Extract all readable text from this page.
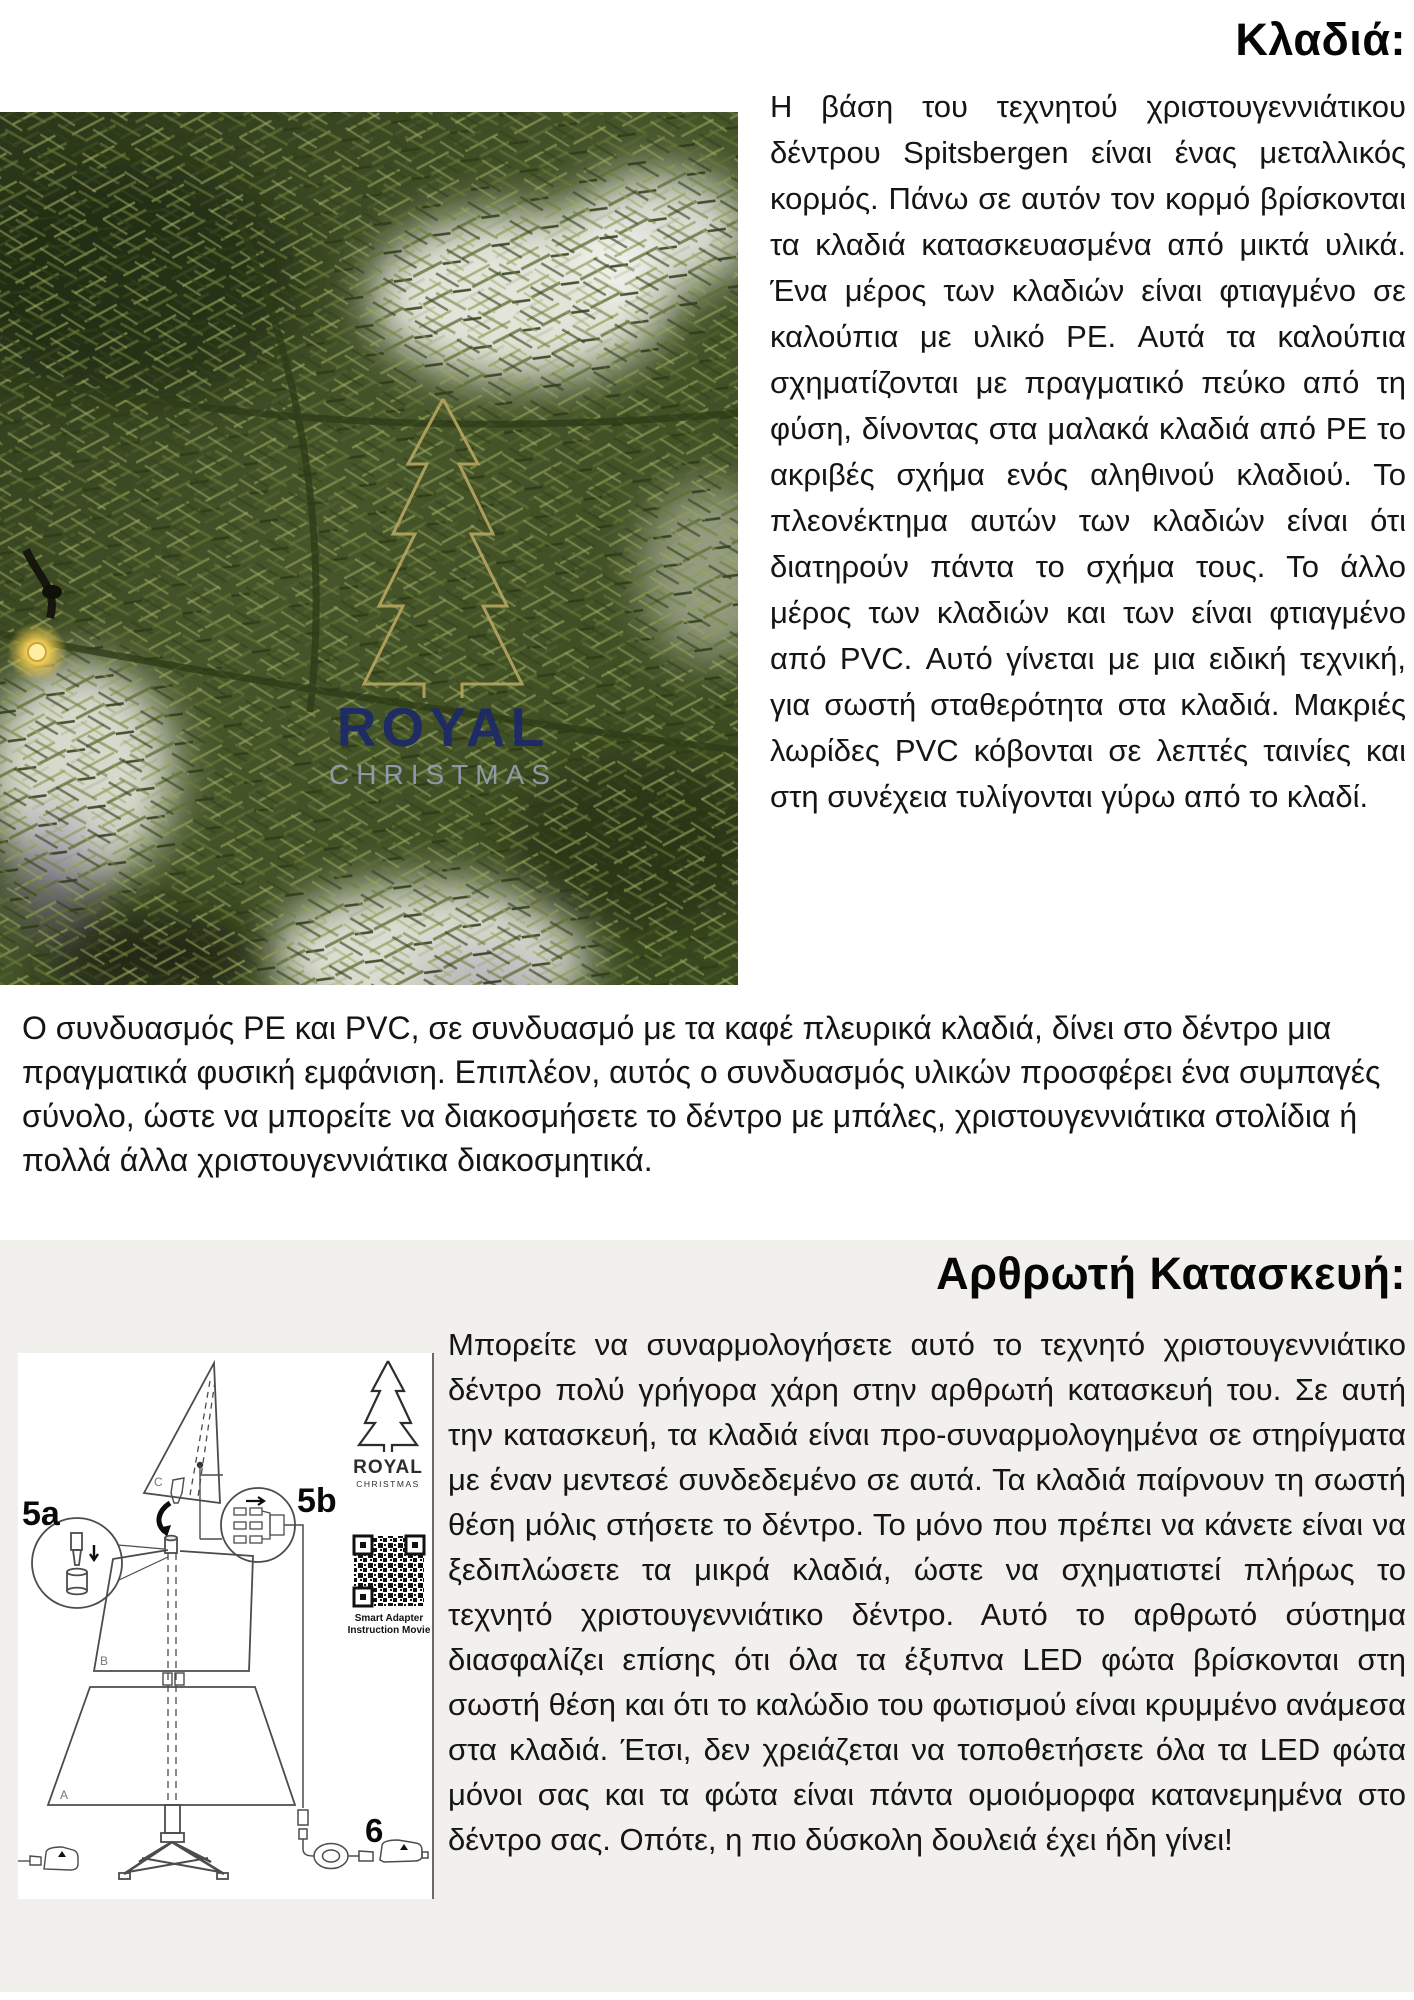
Κλαδιά:
ROYAL
CHRISTMAS
Η βάση του τεχνητού χριστουγεννιάτικου δέντρου Spitsbergen είναι ένας μεταλλικός κορμός. Πάνω σε αυτόν τον κορμό βρίσκονται τα κλαδιά κατασκευασμένα από μικτά υλικά. Ένα μέρος των κλαδιών είναι φτιαγμένο σε καλούπια με υλικό PE. Αυτά τα καλούπια σχηματίζονται με πραγματικό πεύκο από τη φύση, δίνοντας στα μαλακά κλαδιά από PE το ακριβές σχήμα ενός αληθινού κλαδιού. Το πλεονέκτημα αυτών των κλαδιών είναι ότι διατηρούν πάντα το σχήμα τους. Το άλλο μέρος των κλαδιών και των είναι φτιαγμένο από PVC. Αυτό γίνεται με μια ειδική τεχνική, για σωστή σταθερότητα στα κλαδιά. Μακριές λωρίδες PVC κόβονται σε λεπτές ταινίες και στη συνέχεια τυλίγονται γύρω από το κλαδί.
Ο συνδυασμός PE και PVC, σε συνδυασμό με τα καφέ πλευρικά κλαδιά, δίνει στο δέντρο μια πραγματικά φυσική εμφάνιση. Επιπλέον, αυτός ο συνδυασμός υλικών προσφέρει ένα συμπαγές σύνολο, ώστε να μπορείτε να διακοσμήσετε το δέντρο με μπάλες, χριστουγεννιάτικα στολίδια ή πολλά άλλα χριστουγεννιάτικα διακοσμητικά.
Αρθρωτή Κατασκευή:
C
5a	5b
B
A
6
ROYAL
CHRISTMAS
Smart Adapter
Instruction Movie
Μπορείτε να συναρμολογήσετε αυτό το τεχνητό χριστουγεννιάτικο δέντρο πολύ γρήγορα χάρη στην αρθρωτή κατασκευή του. Σε αυτή την κατασκευή, τα κλαδιά είναι προ-συναρμολογημένα σε στηρίγματα με έναν μεντεσέ συνδεδεμένο σε αυτά. Τα κλαδιά παίρνουν τη σωστή θέση μόλις στήσετε το δέντρο. Το μόνο που πρέπει να κάνετε είναι να ξεδιπλώσετε τα μικρά κλαδιά, ώστε να σχηματιστεί πλήρως το τεχνητό χριστουγεννιάτικο δέντρο. Αυτό το αρθρωτό σύστημα διασφαλίζει επίσης ότι όλα τα έξυπνα LED φώτα βρίσκονται στη σωστή θέση και ότι το καλώδιο του φωτισμού είναι κρυμμένο ανάμεσα στα κλαδιά. Έτσι, δεν χρειάζεται να τοποθετήσετε όλα τα LED φώτα μόνοι σας και τα φώτα είναι πάντα ομοιόμορφα κατανεμημένα στο δέντρο σας. Οπότε, η πιο δύσκολη δουλειά έχει ήδη γίνει!
